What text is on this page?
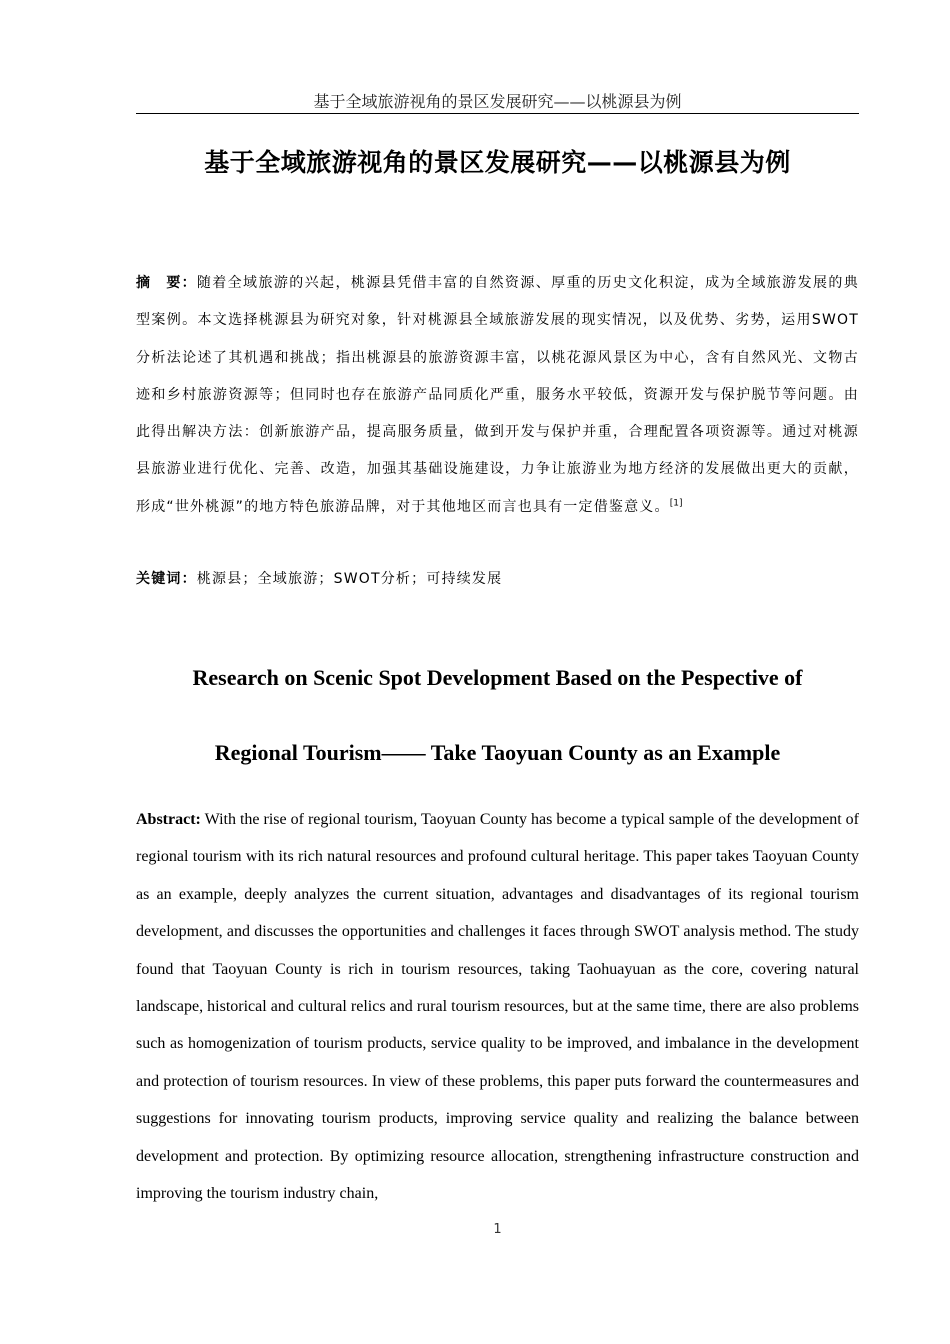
基于全域旅游视角的景区发展研究——以桃源县为例
基于全域旅游视角的景区发展研究——以桃源县为例
摘　要：随着全域旅游的兴起，桃源县凭借丰富的自然资源、厚重的历史文化积淀，成为全域旅游发展的典型案例。本文选择桃源县为研究对象，针对桃源县全域旅游发展的现实情况，以及优势、劣势，运用SWOT分析法论述了其机遇和挑战；指出桃源县的旅游资源丰富，以桃花源风景区为中心，含有自然风光、文物古迹和乡村旅游资源等；但同时也存在旅游产品同质化严重，服务水平较低，资源开发与保护脱节等问题。由此得出解决方法：创新旅游产品，提高服务质量，做到开发与保护并重，合理配置各项资源等。通过对桃源县旅游业进行优化、完善、改造，加强其基础设施建设，力争让旅游业为地方经济的发展做出更大的贡献，形成“世外桃源”的地方特色旅游品牌，对于其他地区而言也具有一定借鉴意义。[1]
关键词：桃源县；全域旅游；SWOT分析；可持续发展
Research on Scenic Spot Development Based on the Pespective of
Regional Tourism—— Take Taoyuan County as an Example
Abstract: With the rise of regional tourism, Taoyuan County has become a typical sample of the development of regional tourism with its rich natural resources and profound cultural heritage. This paper takes Taoyuan County as an example, deeply analyzes the current situation, advantages and disadvantages of its regional tourism development, and discusses the opportunities and challenges it faces through SWOT analysis method. The study found that Taoyuan County is rich in tourism resources, taking Taohuayuan as the core, covering natural landscape, historical and cultural relics and rural tourism resources, but at the same time, there are also problems such as homogenization of tourism products, service quality to be improved, and imbalance in the development and protection of tourism resources. In view of these problems, this paper puts forward the countermeasures and suggestions for innovating tourism products, improving service quality and realizing the balance between development and protection. By optimizing resource allocation, strengthening infrastructure construction and improving the tourism industry chain,
1
